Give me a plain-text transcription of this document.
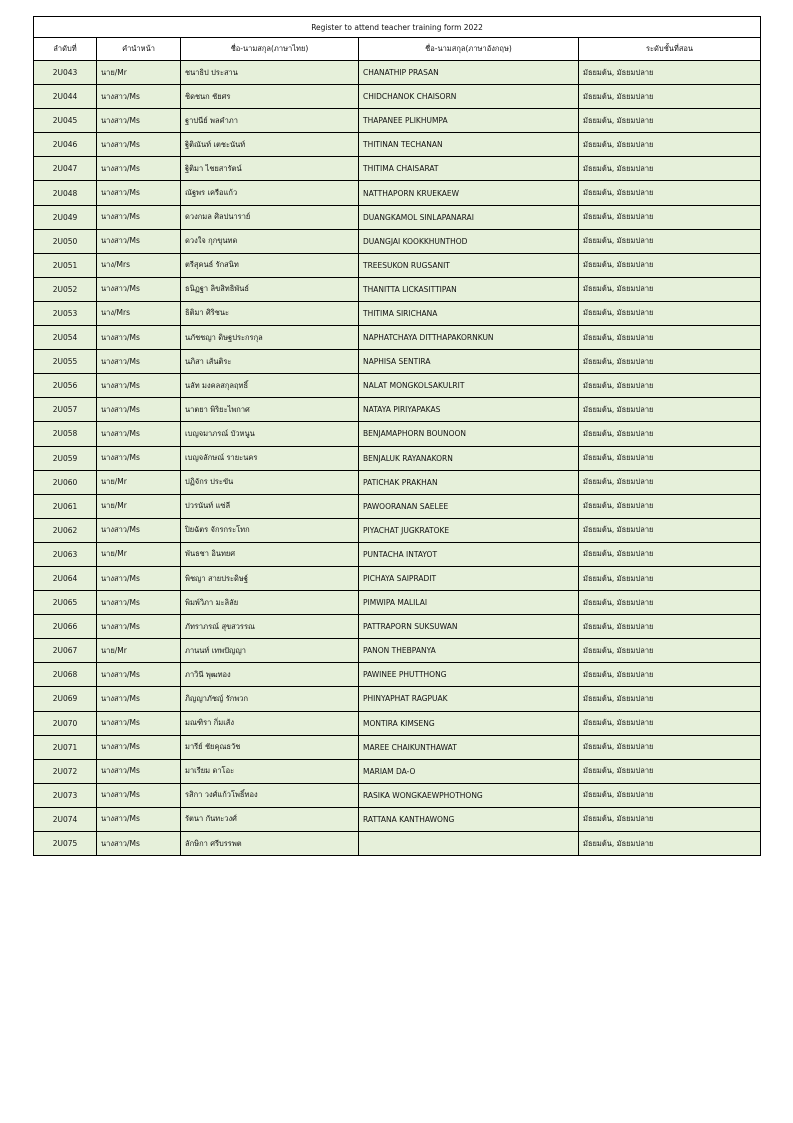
Register to attend teacher training form 2022				
ลำดับที่	คำนำหน้า	ชื่อ-นามสกุล(ภาษาไทย)	ชื่อ-นามสกุล(ภาษาอังกฤษ)	ระดับชั้นที่สอน
2U043	นาย/Mr	ชนาธิป ประสาน	CHANATHIP PRASAN	มัธยมต้น, มัธยมปลาย
2U044	นางสาว/Ms	ชิดชนก ชัยศร	CHIDCHANOK CHAISORN	มัธยมต้น, มัธยมปลาย
2U045	นางสาว/Ms	ฐาปนีย์ พลคำภา	THAPANEE PLIKHUMPA	มัธยมต้น, มัธยมปลาย
2U046	นางสาว/Ms	ฐิติณันท์ เตชะนันท์	THITINAN TECHANAN	มัธยมต้น, มัธยมปลาย
2U047	นางสาว/Ms	ฐิติมา ไชยสารัตน์	THITIMA CHAISARAT	มัธยมต้น, มัธยมปลาย
2U048	นางสาว/Ms	ณัฐพร เครือแก้ว	NATTHAPORN KRUEKAEW	มัธยมต้น, มัธยมปลาย
2U049	นางสาว/Ms	ดวงกมล ศิลปนาราย์	DUANGKAMOL SINLAPANARAI	มัธยมต้น, มัธยมปลาย
2U050	นางสาว/Ms	ดวงใจ กุกขุนทด	DUANGJAI KOOKKHUNTHOD	มัธยมต้น, มัธยมปลาย
2U051	นาง/Mrs	ตรีสุคนธ์ รักสนิท	TREESUKON RUGSANIT	มัธยมต้น, มัธยมปลาย
2U052	นางสาว/Ms	ธนิฏฐา ลิขสิทธิพันธ์	THANITTA LICKASITTIPAN	มัธยมต้น, มัธยมปลาย
2U053	นาง/Mrs	ธิติมา ศิริชนะ	THITIMA SIRICHANA	มัธยมต้น, มัธยมปลาย
2U054	นางสาว/Ms	นภัชชญา ดิษฐประกรกุล	NAPHATCHAYA DITTHAPAKORNKUN	มัธยมต้น, มัธยมปลาย
2U055	นางสาว/Ms	นภิสา เส้นติระ	NAPHISA SENTIRA	มัธยมต้น, มัธยมปลาย
2U056	นางสาว/Ms	นลัท มงคลสกุลฤทธิ์	NALAT MONGKOLSAKULRIT	มัธยมต้น, มัธยมปลาย
2U057	นางสาว/Ms	นาตยา พิริยะไพกาศ	NATAYA PIRIYAPAKAS	มัธยมต้น, มัธยมปลาย
2U058	นางสาว/Ms	เบญจมาภรณ์ บัวหนูน	BENJAMAPHORN BOUNOON	มัธยมต้น, มัธยมปลาย
2U059	นางสาว/Ms	เบญจลักษณ์ รายะนคร	BENJALUK RAYANAKORN	มัธยมต้น, มัธยมปลาย
2U060	นาย/Mr	ปฏิจักร ประขัน	PATICHAK PRAKHAN	มัธยมต้น, มัธยมปลาย
2U061	นาย/Mr	ปวรนันท์ แซ่ลี	PAWOORANAN SAELEE	มัธยมต้น, มัธยมปลาย
2U062	นางสาว/Ms	ปิยฉัตร จักรกระโทก	PIYACHAT JUGKRATOKE	มัธยมต้น, มัธยมปลาย
2U063	นาย/Mr	พันธชา อินทยศ	PUNTACHA INTAYOT	มัธยมต้น, มัธยมปลาย
2U064	นางสาว/Ms	พิชญา สายประดิษฐ์	PICHAYA SAIPRADIT	มัธยมต้น, มัธยมปลาย
2U065	นางสาว/Ms	พิมพ์วิภา มะลิลัย	PIMWIPA MALILAI	มัธยมต้น, มัธยมปลาย
2U066	นางสาว/Ms	ภัทราภรณ์ สุขสวรรณ	PATTRAPORN SUKSUWAN	มัธยมต้น, มัธยมปลาย
2U067	นาย/Mr	ภานนท์ เทพปัญญา	PANON THEBPANYA	มัธยมต้น, มัธยมปลาย
2U068	นางสาว/Ms	ภาวินี พุฒทอง	PAWINEE PHUTTHONG	มัธยมต้น, มัธยมปลาย
2U069	นางสาว/Ms	ภิญญาภัชญ์ รักพวก	PHINYAPHAT RAGPUAK	มัธยมต้น, มัธยมปลาย
2U070	นางสาว/Ms	มณฑิรา กิ่มเส้ง	MONTIRA KIMSENG	มัธยมต้น, มัธยมปลาย
2U071	นางสาว/Ms	มารีย์ ชัยคุณธวัช	MAREE CHAIKUNTHAWAT	มัธยมต้น, มัธยมปลาย
2U072	นางสาว/Ms	มาเรียม ดาโอะ	MARIAM DA-O	มัธยมต้น, มัธยมปลาย
2U073	นางสาว/Ms	รสิกา วงศ์แก้วโพธิ์ทอง	RASIKA WONGKAEWPHOTHONG	มัธยมต้น, มัธยมปลาย
2U074	นางสาว/Ms	รัตนา กันทะวงศ์	RATTANA KANTHAWONG	มัธยมต้น, มัธยมปลาย
2U075	นางสาว/Ms	ลักษิกา ศรีบรรพต		มัธยมต้น, มัธยมปลาย
